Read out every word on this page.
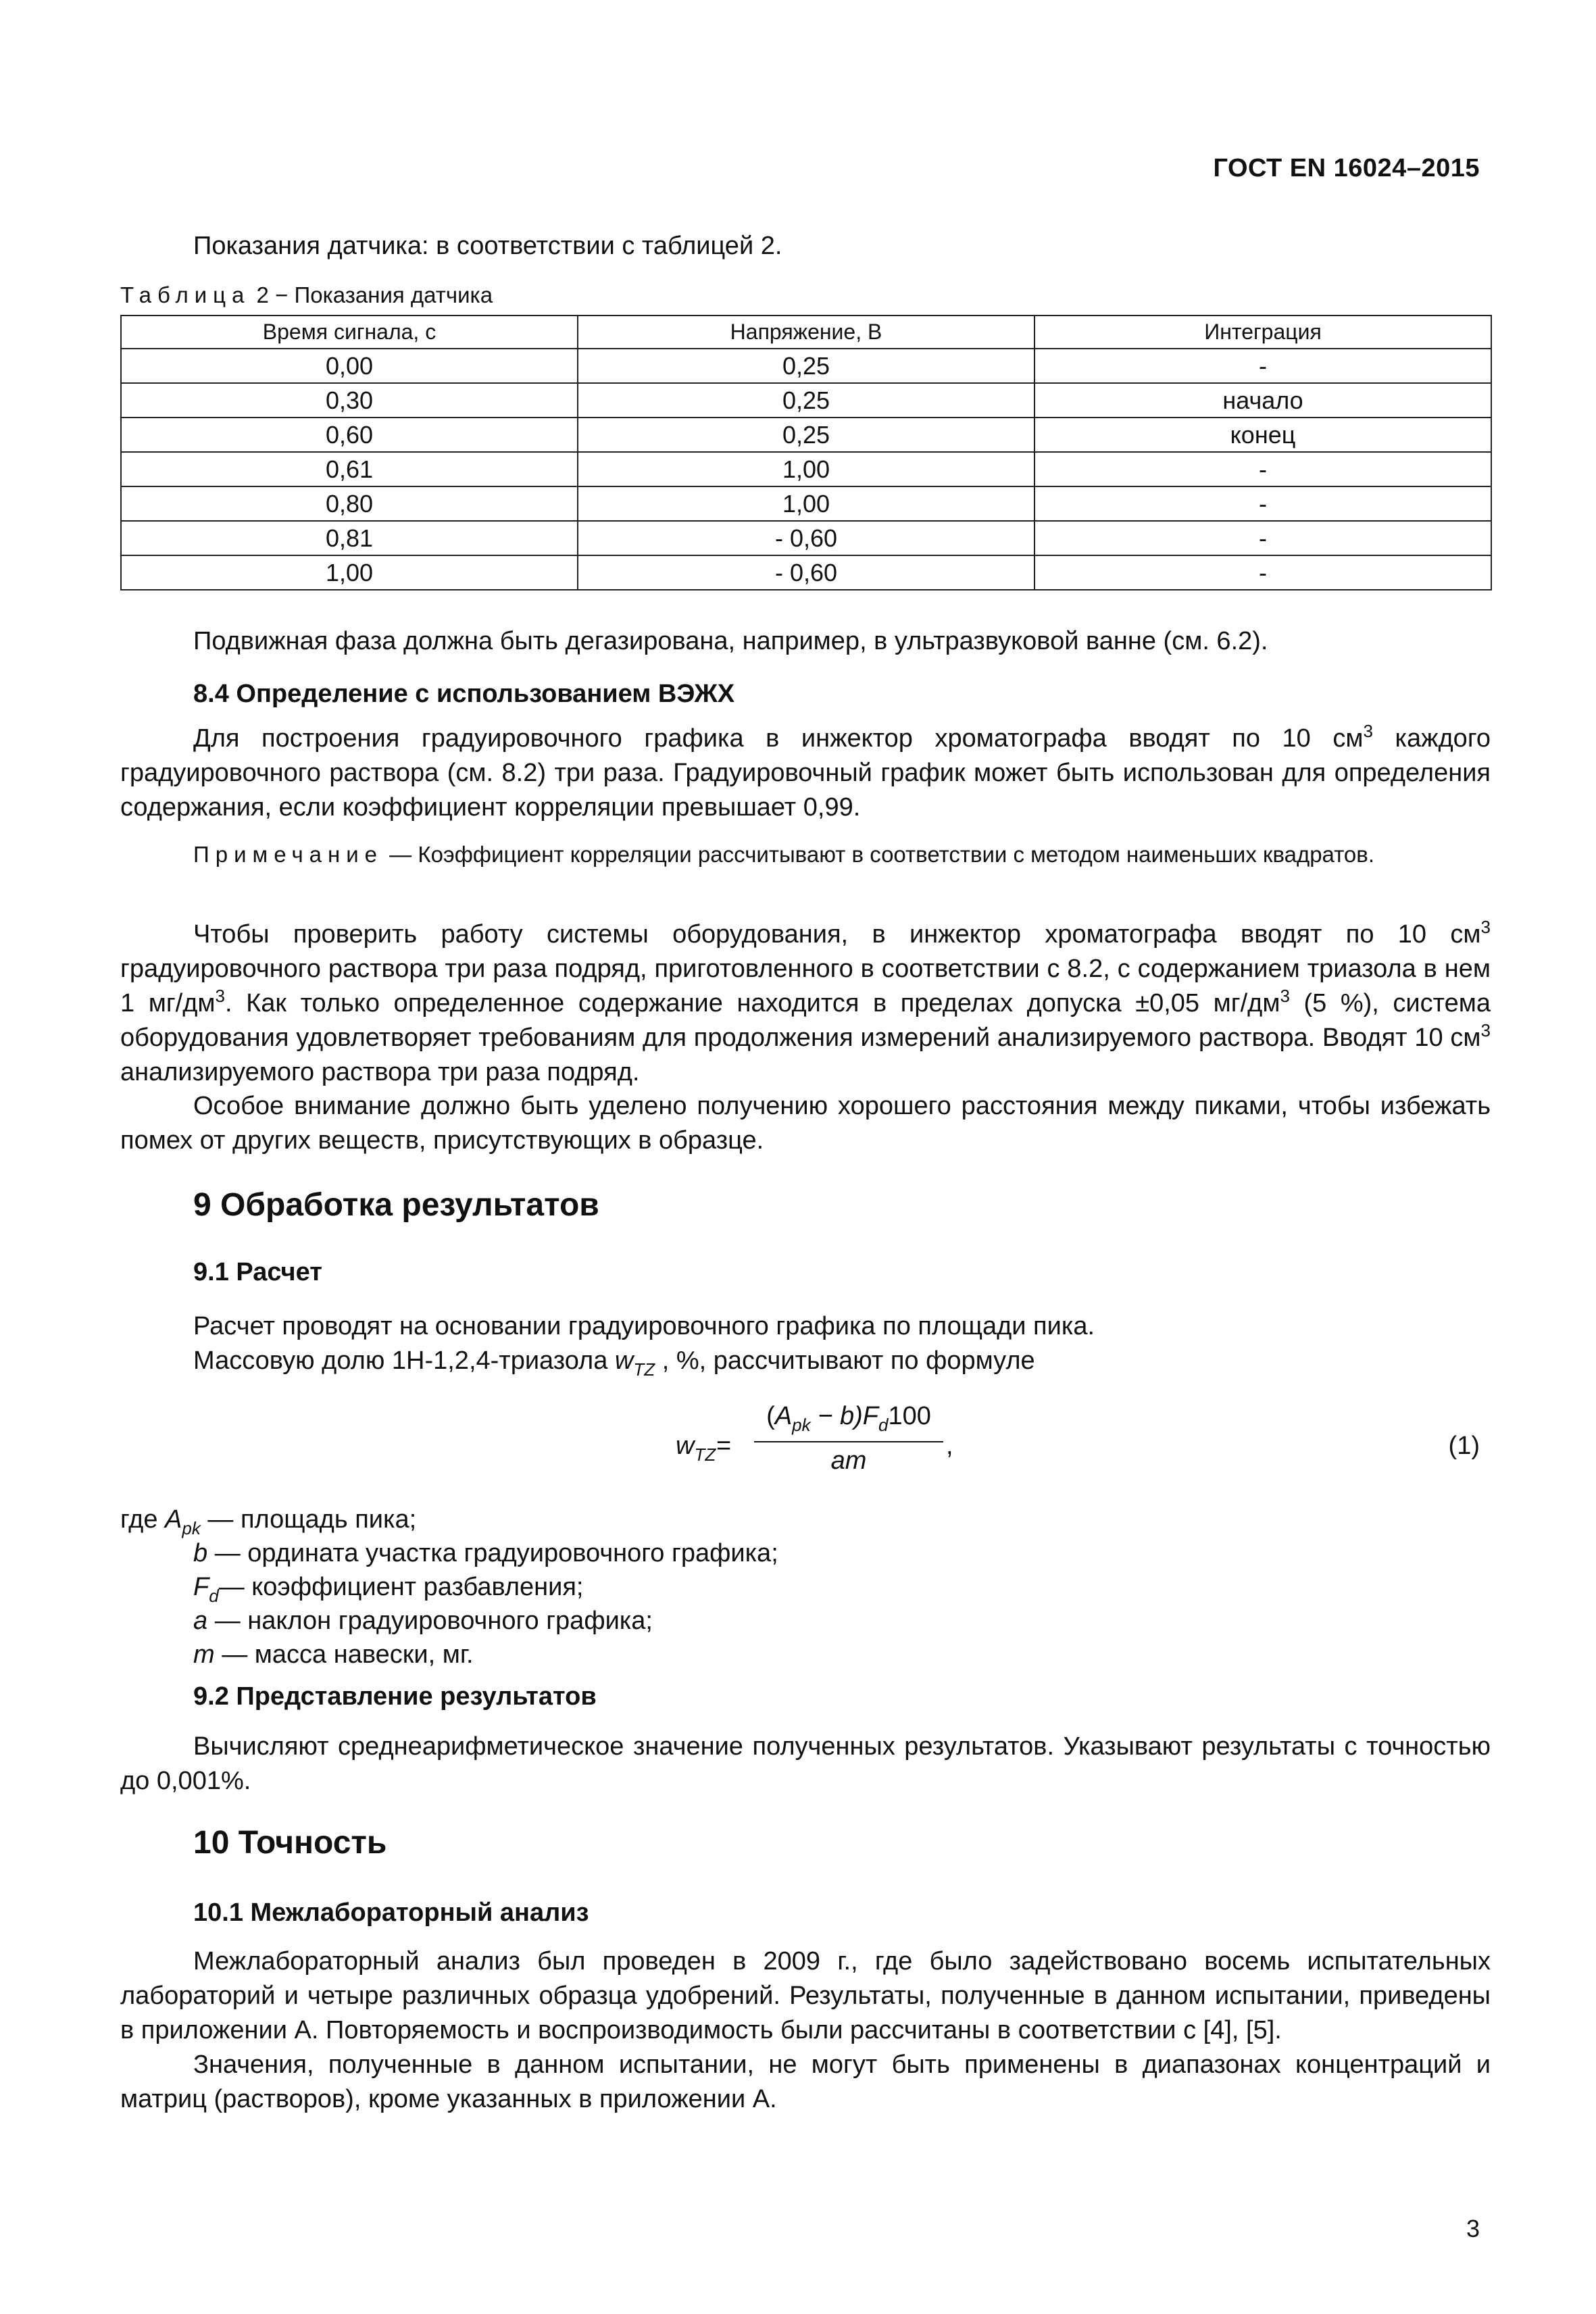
ГОСТ EN 16024–2015
Показания датчика: в соответствии с таблицей 2.
Таблица 2 − Показания датчика
Время сигнала, с	Напряжение, В	Интеграция
0,00	0,25	-
0,30	0,25	начало
0,60	0,25	конец
0,61	1,00	-
0,80	1,00	-
0,81	- 0,60	-
1,00	- 0,60	-
Подвижная фаза должна быть дегазирована, например, в ультразвуковой ванне (см. 6.2).
8.4 Определение с использованием ВЭЖХ
Для построения градуировочного графика в инжектор хроматографа вводят по 10 $см^3$ каждого градуировочного раствора (см. 8.2) три раза. Градуировочный график может быть использован для определения содержания, если коэффициент корреляции превышает 0,99.
Примечание — Коэффициент корреляции рассчитывают в соответствии с методом наименьших квадратов.
Чтобы проверить работу системы оборудования, в инжектор хроматографа вводят по 10 $см^3$ градуировочного раствора три раза подряд, приготовленного в соответствии с 8.2, с содержанием триазола в нем 1 $мг/дм^3$. Как только определенное содержание находится в пределах допуска ±0,05 $мг/дм^3$ (5 %), система оборудования удовлетворяет требованиям для продолжения измерений анализируемого раствора. Вводят 10 $см^3$ анализируемого раствора три раза подряд.
Особое внимание должно быть уделено получению хорошего расстояния между пиками, чтобы избежать помех от других веществ, присутствующих в образце.
9 Обработка результатов
9.1 Расчет
Расчет проводят на основании градуировочного графика по площади пика.
Массовую долю 1Н-1,2,4-триазола $w_{TZ}$ , %, рассчитывают по формуле
$w_{TZ}$ =
$(A_{pk} - b)F_d100$
am
,	(1)
где $A_{pk}$ — площадь пика;
b — ордината участка градуировочного графика;
$F_d—$ коэффициент разбавления;
a — наклон градуировочного графика;
m — масса навески, мг.
9.2 Представление результатов
Вычисляют среднеарифметическое значение полученных результатов. Указывают результаты с точностью до 0,001%.
10 Точность
10.1 Межлабораторный анализ
Межлабораторный анализ был проведен в 2009 г., где было задействовано восемь испытательных лабораторий и четыре различных образца удобрений. Результаты, полученные в данном испытании, приведены в приложении А. Повторяемость и воспроизводимость были рассчитаны в соответствии с [4], [5].
Значения, полученные в данном испытании, не могут быть применены в диапазонах концентраций и матриц (растворов), кроме указанных в приложении А.
3
